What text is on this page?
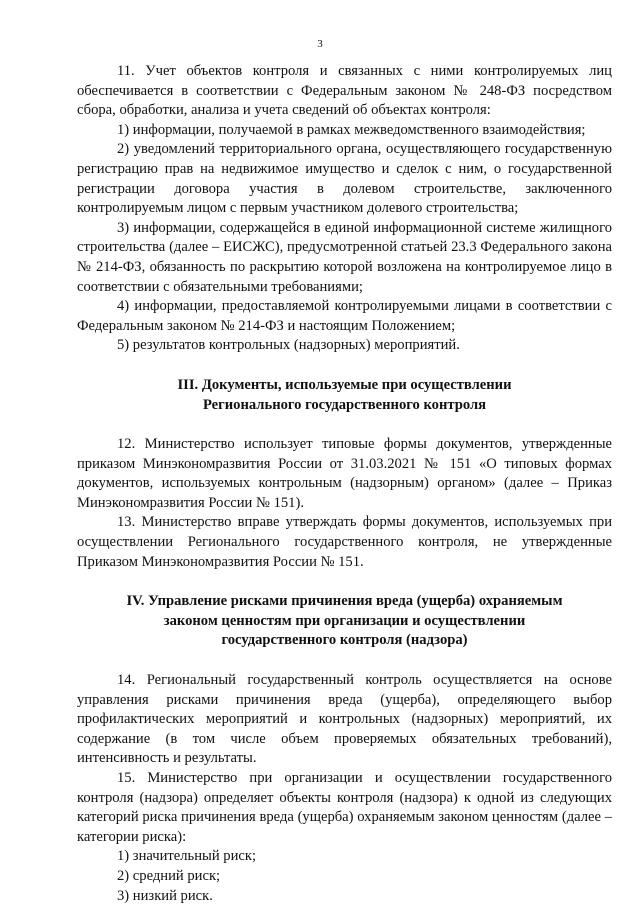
3

11. Учет объектов контроля и связанных с ними контролируемых лиц обеспечивается в соответствии с Федеральным законом № 248-ФЗ посредством сбора, обработки, анализа и учета сведений об объектах контроля:

1) информации, получаемой в рамках межведомственного взаимодействия;

2) уведомлений территориального органа, осуществляющего государственную регистрацию прав на недвижимое имущество и сделок с ним, о государственной регистрации договора участия в долевом строительстве, заключенного контролируемым лицом с первым участником долевого строительства;

3) информации, содержащейся в единой информационной системе жилищного строительства (далее – ЕИСЖС), предусмотренной статьей 23.3 Федерального закона № 214-ФЗ, обязанность по раскрытию которой возложена на контролируемое лицо в соответствии с обязательными требованиями;

4) информации, предоставляемой контролируемыми лицами в соответствии с Федеральным законом № 214-ФЗ и настоящим Положением;

5) результатов контрольных (надзорных) мероприятий.

III. Документы, используемые при осуществлении
Регионального государственного контроля

12. Министерство использует типовые формы документов, утвержденные приказом Минэкономразвития России от 31.03.2021 № 151 «О типовых формах документов, используемых контрольным (надзорным) органом» (далее – Приказ Минэкономразвития России № 151).

13. Министерство вправе утверждать формы документов, используемых при осуществлении Регионального государственного контроля, не утвержденные Приказом Минэкономразвития России № 151.

IV. Управление рисками причинения вреда (ущерба) охраняемым
законом ценностям при организации и осуществлении
государственного контроля (надзора)

14. Региональный государственный контроль осуществляется на основе управления рисками причинения вреда (ущерба), определяющего выбор профилактических мероприятий и контрольных (надзорных) мероприятий, их содержание (в том числе объем проверяемых обязательных требований), интенсивность и результаты.

15. Министерство при организации и осуществлении государственного контроля (надзора) определяет объекты контроля (надзора) к одной из следующих категорий риска причинения вреда (ущерба) охраняемым законом ценностям (далее – категории риска):

1) значительный риск;

2) средний риск;

3) низкий риск.
